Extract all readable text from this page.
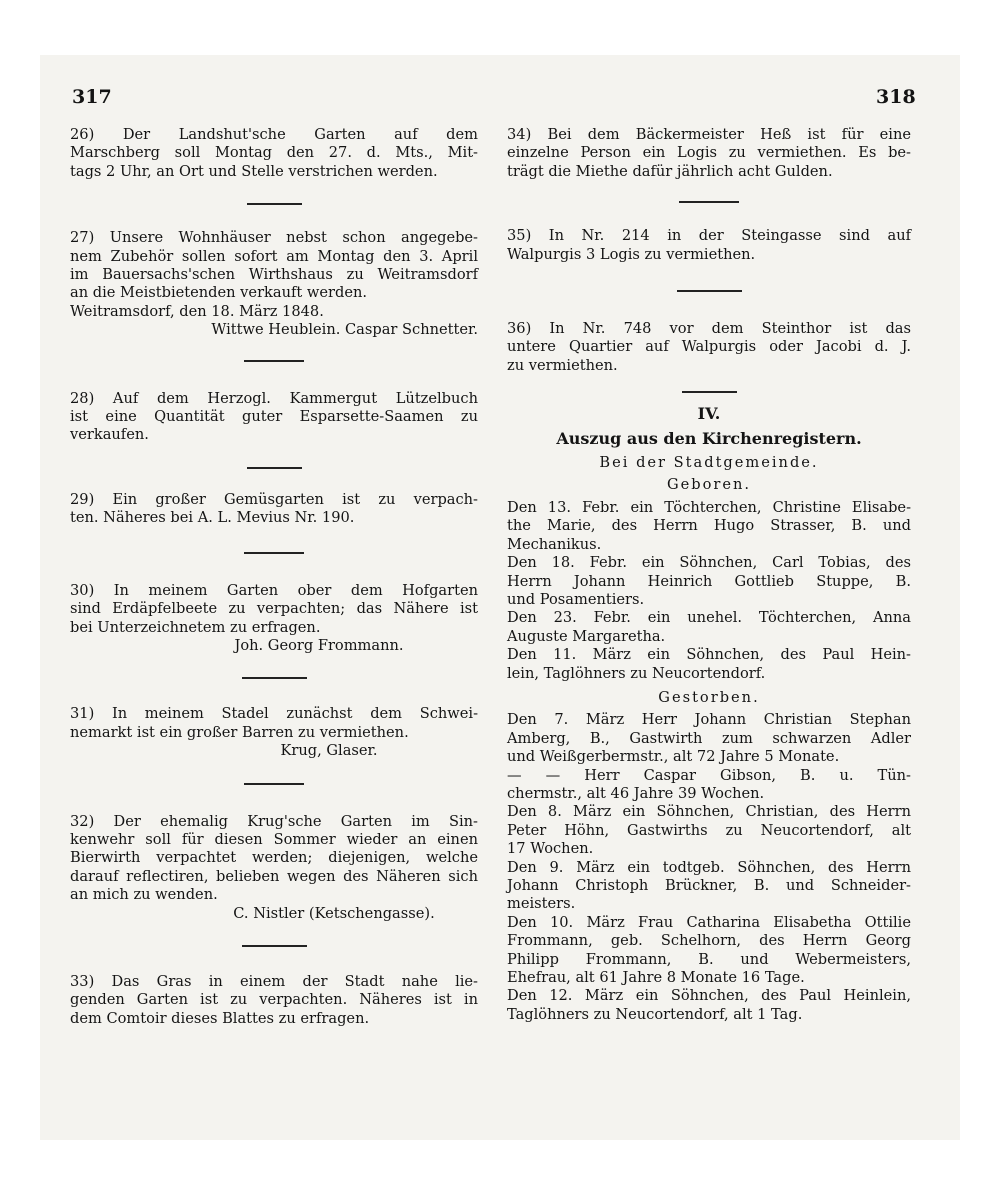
317	318
26) Der Landshut'sche Garten auf dem
Marschberg soll Montag den 27. d. Mts., Mit-
tags 2 Uhr, an Ort und Stelle verstrichen werden.
27) Unsere Wohnhäuser nebst schon angegebe-
nem Zubehör sollen sofort am Montag den 3. April
im Bauersachs'schen Wirthshaus zu Weitramsdorf
an die Meistbietenden verkauft werden.
Weitramsdorf, den 18. März 1848.
Wittwe Heublein. Caspar Schnetter.
28) Auf dem Herzogl. Kammergut Lützelbuch
ist eine Quantität guter Esparsette-Saamen zu
verkaufen.
29) Ein großer Gemüsgarten ist zu verpach-
ten. Näheres bei A. L. Mevius Nr. 190.
30) In meinem Garten ober dem Hofgarten
sind Erdäpfelbeete zu verpachten; das Nähere ist
bei Unterzeichnetem zu erfragen.
Joh. Georg Frommann.
31) In meinem Stadel zunächst dem Schwei-
nemarkt ist ein großer Barren zu vermiethen.
Krug, Glaser.
32) Der ehemalig Krug'sche Garten im Sin-
kenwehr soll für diesen Sommer wieder an einen
Bierwirth verpachtet werden; diejenigen, welche
darauf reflectiren, belieben wegen des Näheren sich
an mich zu wenden.
C. Nistler (Ketschengasse).
33) Das Gras in einem der Stadt nahe lie-
genden Garten ist zu verpachten. Näheres ist in
dem Comtoir dieses Blattes zu erfragen.
34) Bei dem Bäckermeister Heß ist für eine
einzelne Person ein Logis zu vermiethen. Es be-
trägt die Miethe dafür jährlich acht Gulden.
35) In Nr. 214 in der Steingasse sind auf
Walpurgis 3 Logis zu vermiethen.
36) In Nr. 748 vor dem Steinthor ist das
untere Quartier auf Walpurgis oder Jacobi d. J.
zu vermiethen.
IV.
Auszug aus den Kirchenregistern.
Bei der Stadtgemeinde.
Geboren.
Den 13. Febr. ein Töchterchen, Christine Elisabe-
the Marie, des Herrn Hugo Strasser, B. und
Mechanikus.
Den 18. Febr. ein Söhnchen, Carl Tobias, des
Herrn Johann Heinrich Gottlieb Stuppe, B.
und Posamentiers.
Den 23. Febr. ein unehel. Töchterchen, Anna
Auguste Margaretha.
Den 11. März ein Söhnchen, des Paul Hein-
lein, Taglöhners zu Neucortendorf.
Gestorben.
Den 7. März Herr Johann Christian Stephan
Amberg, B., Gastwirth zum schwarzen Adler
und Weißgerbermstr., alt 72 Jahre 5 Monate.
— — Herr Caspar Gibson, B. u. Tün-
chermstr., alt 46 Jahre 39 Wochen.
Den 8. März ein Söhnchen, Christian, des Herrn
Peter Höhn, Gastwirths zu Neucortendorf, alt
17 Wochen.
Den 9. März ein todtgeb. Söhnchen, des Herrn
Johann Christoph Brückner, B. und Schneider-
meisters.
Den 10. März Frau Catharina Elisabetha Ottilie
Frommann, geb. Schelhorn, des Herrn Georg
Philipp Frommann, B. und Webermeisters,
Ehefrau, alt 61 Jahre 8 Monate 16 Tage.
Den 12. März ein Söhnchen, des Paul Heinlein,
Taglöhners zu Neucortendorf, alt 1 Tag.
